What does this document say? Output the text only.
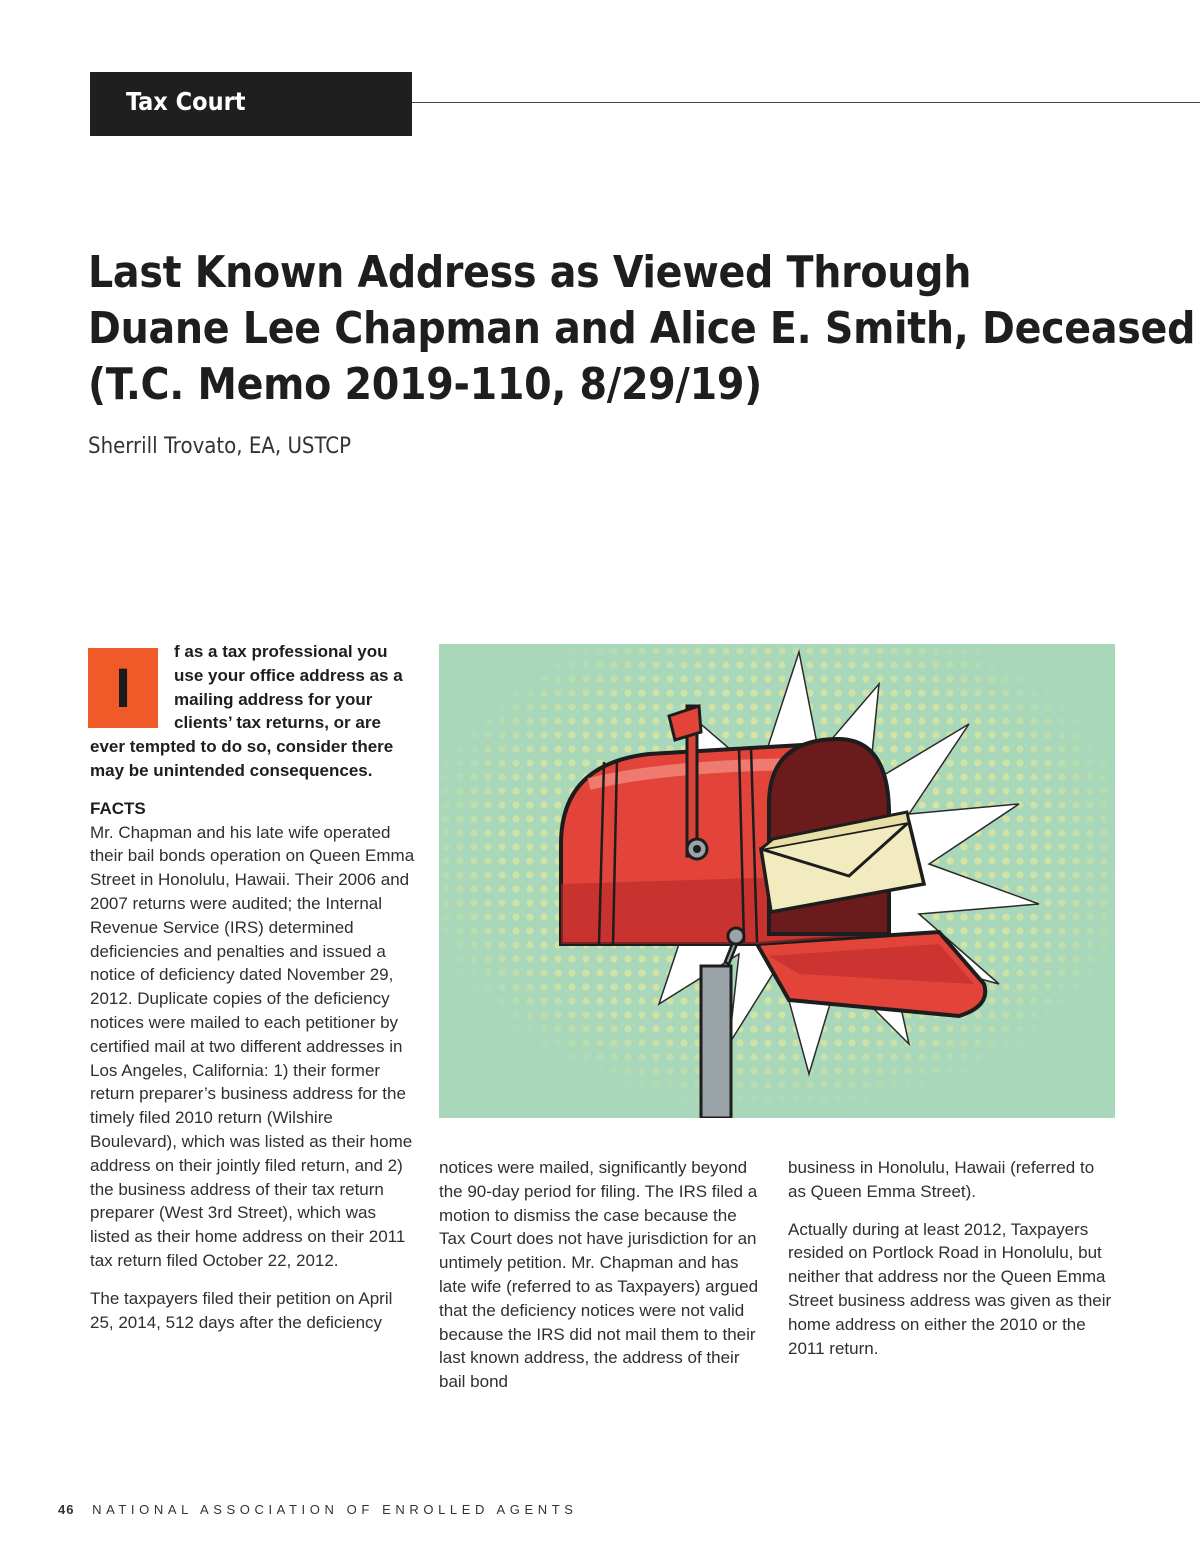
Tax Court
Last Known Address as Viewed Through
Duane Lee Chapman and Alice E. Smith, Deceased
(T.C. Memo 2019-110, 8/29/19)

Sherrill Trovato, EA, USTCP

I
f as a tax professional you use your office address as a mailing address for your clients’ tax returns, or are ever tempted to do so, consider there may be unintended consequences.

FACTS

Mr. Chapman and his late wife operated their bail bonds operation on Queen Emma Street in Honolulu, Hawaii. Their 2006 and 2007 returns were audited; the Internal Revenue Service (IRS) determined deficiencies and penalties and issued a notice of deficiency dated November 29, 2012. Duplicate copies of the deficiency notices were mailed to each petitioner by certified mail at two different addresses in Los Angeles, California: 1) their former return preparer’s business address for the timely filed 2010 return (Wilshire Boulevard), which was listed as their home address on their jointly filed return, and 2) the business address of their tax return preparer (West 3rd Street), which was listed as their home address on their 2011 tax return filed October 22, 2012.

The taxpayers filed their petition on April 25, 2014, 512 days after the deficiency

notices were mailed, significantly beyond the 90-day period for filing. The IRS filed a motion to dismiss the case because the Tax Court does not have jurisdiction for an untimely petition. Mr. Chapman and has late wife (referred to as Taxpayers) argued that the deficiency notices were not valid because the IRS did not mail them to their last known address, the address of their bail bond

business in Honolulu, Hawaii (referred to as Queen Emma Street).

Actually during at least 2012, Taxpayers resided on Portlock Road in Honolulu, but neither that address nor the Queen Emma Street business address was given as their home address on either the 2010 or the 2011 return.

46 NATIONAL ASSOCIATION OF ENROLLED AGENTS
